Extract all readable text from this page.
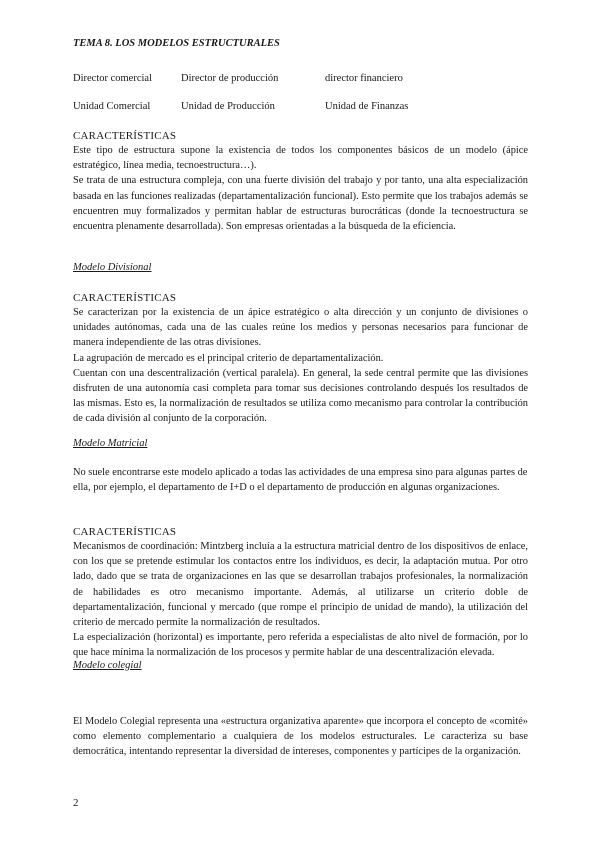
TEMA 8. LOS MODELOS ESTRUCTURALES
Director comercial	Director de producción	director financiero
Unidad Comercial	Unidad de Producción	Unidad de Finanzas
CARACTERÍSTICAS

Este tipo de estructura supone la existencia de todos los componentes básicos de un modelo (ápice estratégico, línea media, tecnoestructura…).

Se trata de una estructura compleja, con una fuerte división del trabajo y por tanto, una alta especialización basada en las funciones realizadas (departamentalización funcional). Esto permite que los trabajos además se encuentren muy formalizados y permitan hablar de estructuras burocráticas (donde la tecnoestructura se encuentra plenamente desarrollada). Son empresas orientadas a la búsqueda de la eficiencia.

Modelo Divisional
CARACTERÍSTICAS

Se caracterizan por la existencia de un ápice estratégico o alta dirección y un conjunto de divisiones o unidades autónomas, cada una de las cuales reúne los medios y personas necesarios para funcionar de manera independiente de las otras divisiones.

La agrupación de mercado es el principal criterio de departamentalización.

Cuentan con una descentralización (vertical paralela). En general, la sede central permite que las divisiones disfruten de una autonomía casi completa para tomar sus decisiones controlando después los resultados de las mismas. Esto es, la normalización de resultados se utiliza como mecanismo para controlar la contribución de cada división al conjunto de la corporación.

Modelo Matricial

No suele encontrarse este modelo aplicado a todas las actividades de una empresa sino para algunas partes de ella, por ejemplo, el departamento de I+D o el departamento de producción en algunas organizaciones.

CARACTERÍSTICAS

Mecanismos de coordinación: Mintzberg incluía a la estructura matricial dentro de los dispositivos de enlace, con los que se pretende estimular los contactos entre los individuos, es decir, la adaptación mutua. Por otro lado, dado que se trata de organizaciones en las que se desarrollan trabajos profesionales, la normalización de habilidades es otro mecanismo importante. Además, al utilizarse un criterio doble de departamentalización, funcional y mercado (que rompe el principio de unidad de mando), la utilización del criterio de mercado permite la normalización de resultados.

La especialización (horizontal) es importante, pero referida a especialistas de alto nivel de formación, por lo que hace mínima la normalización de los procesos y permite hablar de una descentralización elevada.

Modelo colegial

El Modelo Colegial representa una «estructura organizativa aparente» que incorpora el concepto de «comité» como elemento complementario a cualquiera de los modelos estructurales. Le caracteriza su base democrática, intentando representar la diversidad de intereses, componentes y partícipes de la organización.

2
